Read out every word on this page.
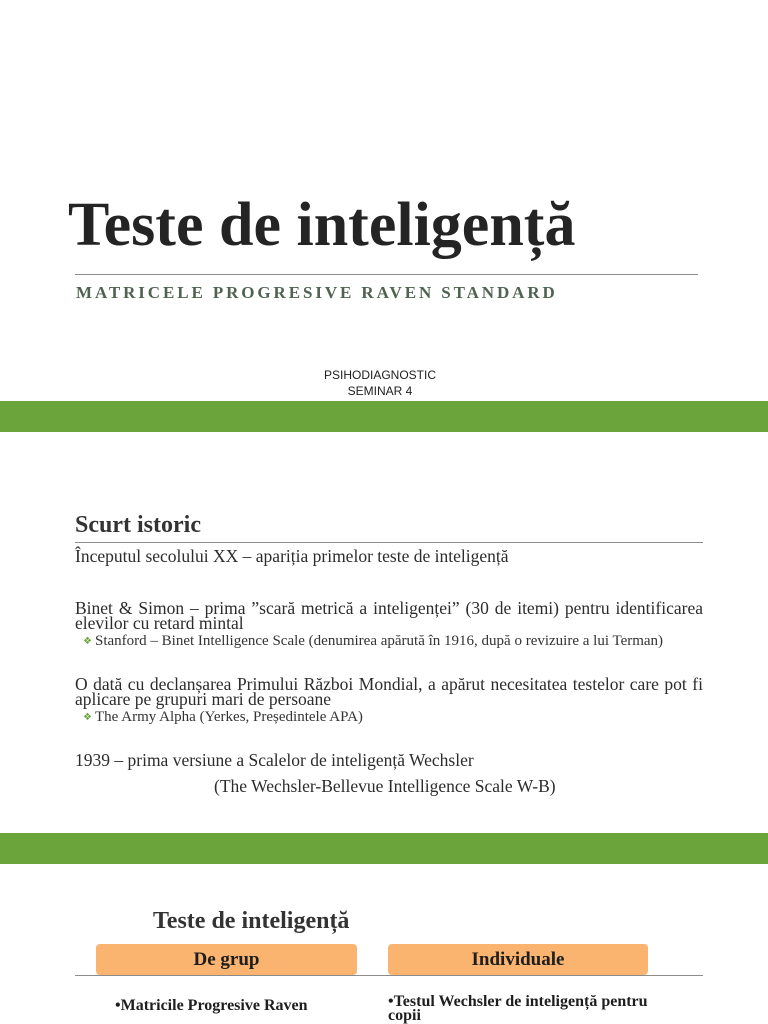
Teste de inteligență
MATRICELE PROGRESIVE RAVEN STANDARD
PSIHODIAGNOSTIC
SEMINAR 4
Scurt istoric
Începutul secolului XX – apariția primelor teste de inteligență
Binet & Simon – prima ”scară metrică a inteligenței” (30 de itemi) pentru identificarea elevilor cu retard mintal
❖ Stanford – Binet Intelligence Scale (denumirea apărută în 1916, după o revizuire a lui Terman)
O dată cu declanșarea Primului Război Mondial, a apărut necesitatea testelor care pot fi aplicare pe grupuri mari de persoane
❖ The Army Alpha (Yerkes, Președintele APA)
1939 – prima versiune a Scalelor de inteligență Wechsler
(The Wechsler-Bellevue Intelligence Scale W-B)
Teste de inteligență
De grup	Individuale
•Matricile Progresive Raven	•Testul Wechsler de inteligență pentru copii
